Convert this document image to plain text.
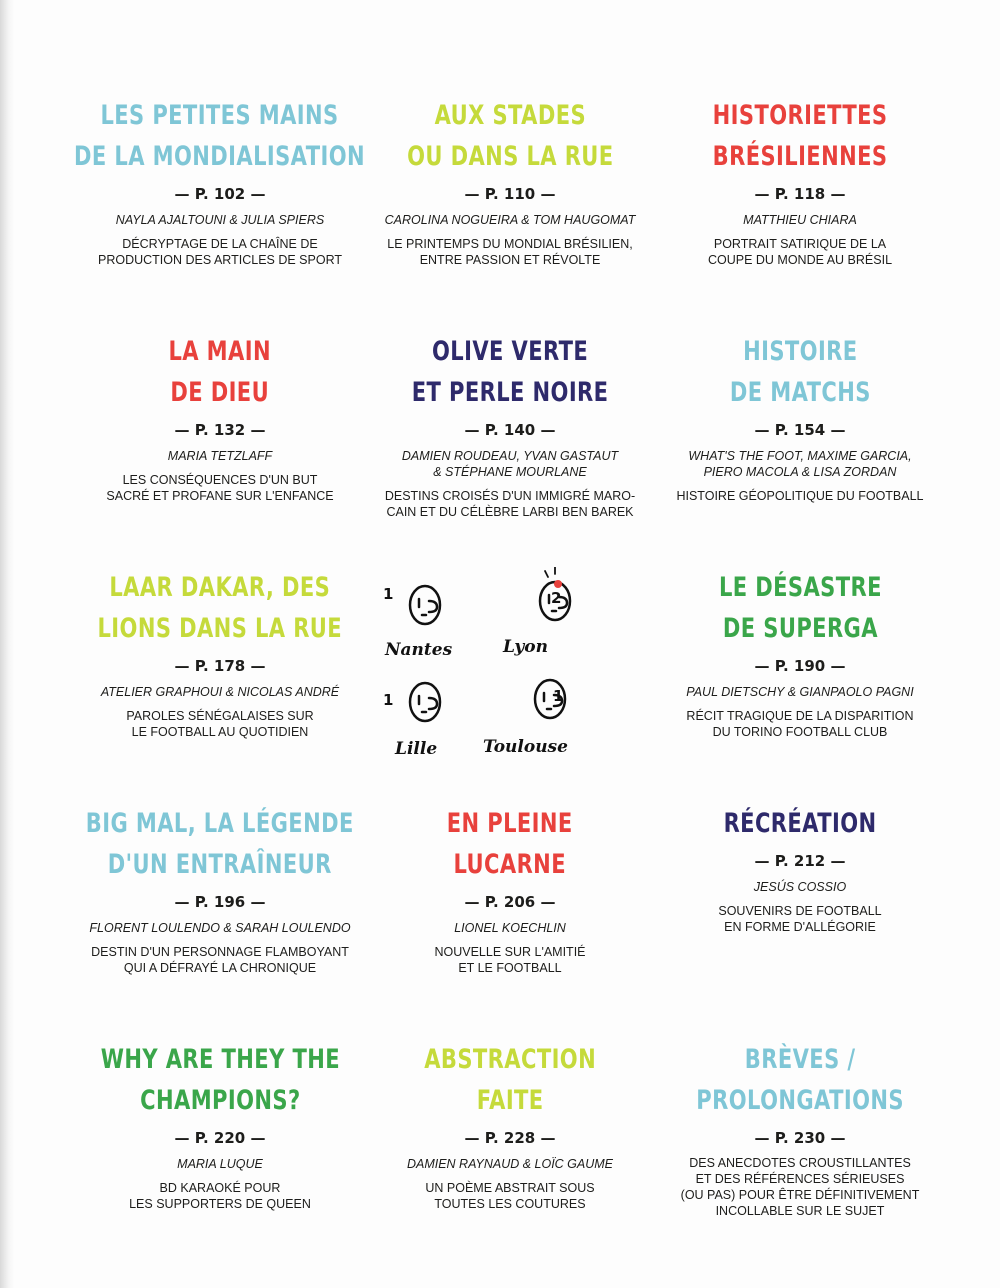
LES PETITES MAINS
DE LA MONDIALISATION
— P. 102 —
NAYLA AJALTOUNI & JULIA SPIERS
DÉCRYPTAGE DE LA CHAÎNE DE
PRODUCTION DES ARTICLES DE SPORT
AUX STADES
OU DANS LA RUE
— P. 110 —
CAROLINA NOGUEIRA & TOM HAUGOMAT
LE PRINTEMPS DU MONDIAL BRÉSILIEN,
ENTRE PASSION ET RÉVOLTE
HISTORIETTES
BRÉSILIENNES
— P. 118 —
MATTHIEU CHIARA
PORTRAIT SATIRIQUE DE LA
COUPE DU MONDE AU BRÉSIL
LA MAIN
DE DIEU
— P. 132 —
MARIA TETZLAFF
LES CONSÉQUENCES D'UN BUT
SACRÉ ET PROFANE SUR L'ENFANCE
OLIVE VERTE
ET PERLE NOIRE
— P. 140 —
DAMIEN ROUDEAU, YVAN GASTAUT
& STÉPHANE MOURLANE
DESTINS CROISÉS D'UN IMMIGRÉ MARO-
CAIN ET DU CÉLÈBRE LARBI BEN BAREK
HISTOIRE
DE MATCHS
— P. 154 —
WHAT'S THE FOOT, MAXIME GARCIA,
PIERO MACOLA & LISA ZORDAN
HISTOIRE GÉOPOLITIQUE DU FOOTBALL
LAAR DAKAR, DES
LIONS DANS LA RUE
— P. 178 —
ATELIER GRAPHOUI & NICOLAS ANDRÉ
PAROLES SÉNÉGALAISES SUR
LE FOOTBALL AU QUOTIDIEN
Nantes
1
Lyon
2
Lille
1
Toulouse
1
LE DÉSASTRE
DE SUPERGA
— P. 190 —
PAUL DIETSCHY & GIANPAOLO PAGNI
RÉCIT TRAGIQUE DE LA DISPARITION
DU TORINO FOOTBALL CLUB
BIG MAL, LA LÉGENDE
D'UN ENTRAÎNEUR
— P. 196 —
FLORENT LOULENDO & SARAH LOULENDO
DESTIN D'UN PERSONNAGE FLAMBOYANT
QUI A DÉFRAYÉ LA CHRONIQUE
EN PLEINE
LUCARNE
— P. 206 —
LIONEL KOECHLIN
NOUVELLE SUR L'AMITIÉ
ET LE FOOTBALL
RÉCRÉATION
— P. 212 —
JESÚS COSSIO
SOUVENIRS DE FOOTBALL
EN FORME D'ALLÉGORIE
WHY ARE THEY THE
CHAMPIONS?
— P. 220 —
MARIA LUQUE
BD KARAOKÉ POUR
LES SUPPORTERS DE QUEEN
ABSTRACTION
FAITE
— P. 228 —
DAMIEN RAYNAUD & LOÏC GAUME
UN POÈME ABSTRAIT SOUS
TOUTES LES COUTURES
BRÈVES /
PROLONGATIONS
— P. 230 —
DES ANECDOTES CROUSTILLANTES
ET DES RÉFÉRENCES SÉRIEUSES
(OU PAS) POUR ÊTRE DÉFINITIVEMENT
INCOLLABLE SUR LE SUJET
